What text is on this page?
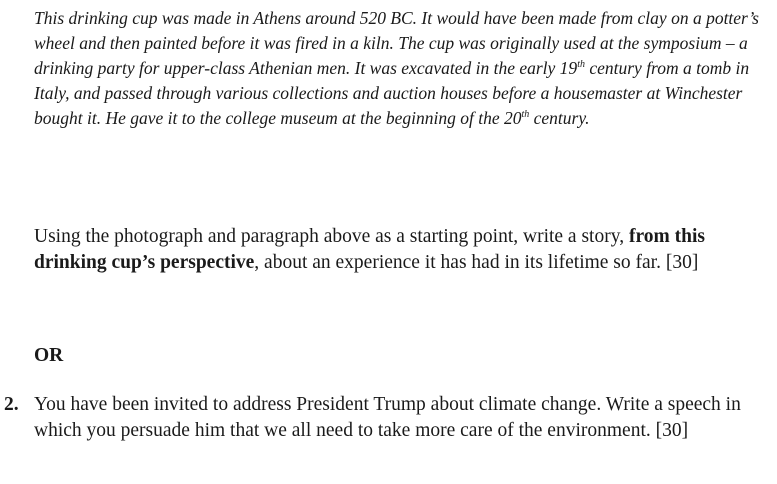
This drinking cup was made in Athens around 520 BC. It would have been made from clay on a potter’s wheel and then painted before it was fired in a kiln. The cup was originally used at the symposium – a drinking party for upper-class Athenian men. It was excavated in the early 19th century from a tomb in Italy, and passed through various collections and auction houses before a housemaster at Winchester bought it. He gave it to the college museum at the beginning of the 20th century.
Using the photograph and paragraph above as a starting point, write a story, from this drinking cup’s perspective, about an experience it has had in its lifetime so far. [30]
OR
2. You have been invited to address President Trump about climate change. Write a speech in which you persuade him that we all need to take more care of the environment. [30]
